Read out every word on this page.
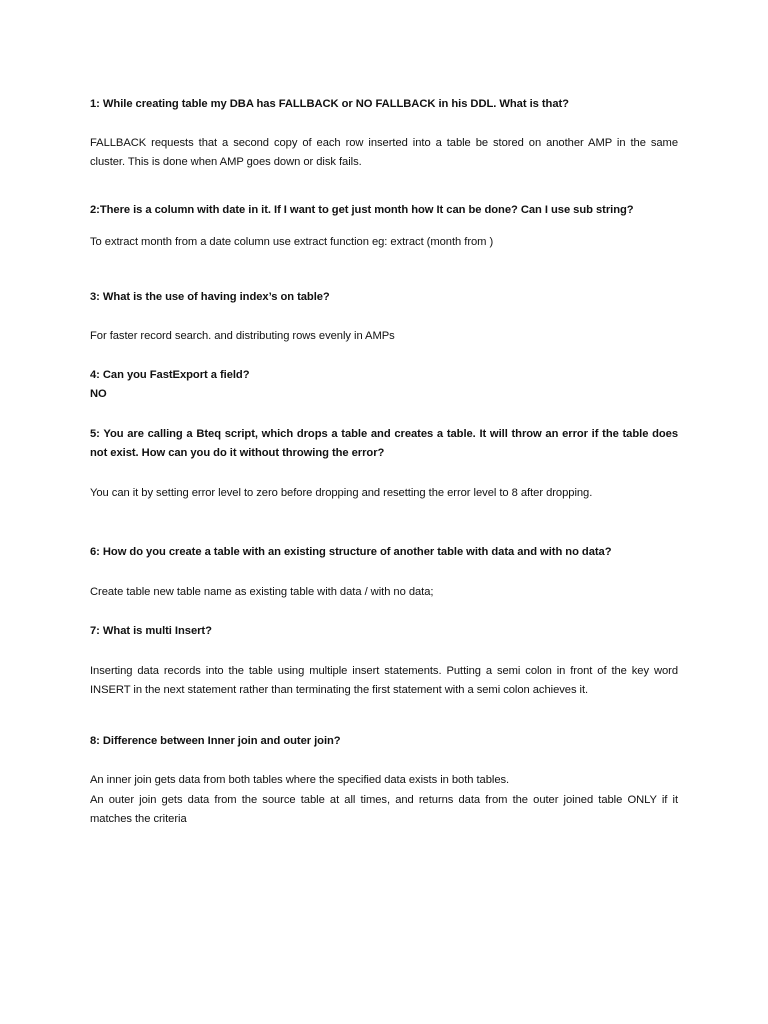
1: While creating table my DBA has FALLBACK or NO FALLBACK in his DDL. What is that?
FALLBACK requests that a second copy of each row inserted into a table be stored on another AMP in the same
cluster. This is done when AMP goes down or disk fails.
2:There is a column with date in it. If I want to get just month how It can be done? Can I use sub string?
To extract month from a date column use extract function eg: extract (month from )
3: What is the use of having index’s on table?
For faster record search. and distributing rows evenly in AMPs
4: Can you FastExport a field?
NO
5: You are calling a Bteq script, which drops a table and creates a table. It will throw an error if the table does
not exist. How can you do it without throwing the error?
You can it by setting error level to zero before dropping and resetting the error level to 8 after dropping.
6: How do you create a table with an existing structure of another table with data and with no data?
Create table new table name as existing table with data / with no data;
7: What is multi Insert?
Inserting data records into the table using multiple insert statements. Putting a semi colon in front of the key word
INSERT in the next statement rather than terminating the first statement with a semi colon achieves it.
8: Difference between Inner join and outer join?
An inner join gets data from both tables where the specified data exists in both tables.
An outer join gets data from the source table at all times, and returns data from the outer joined table ONLY if it
matches the criteria
